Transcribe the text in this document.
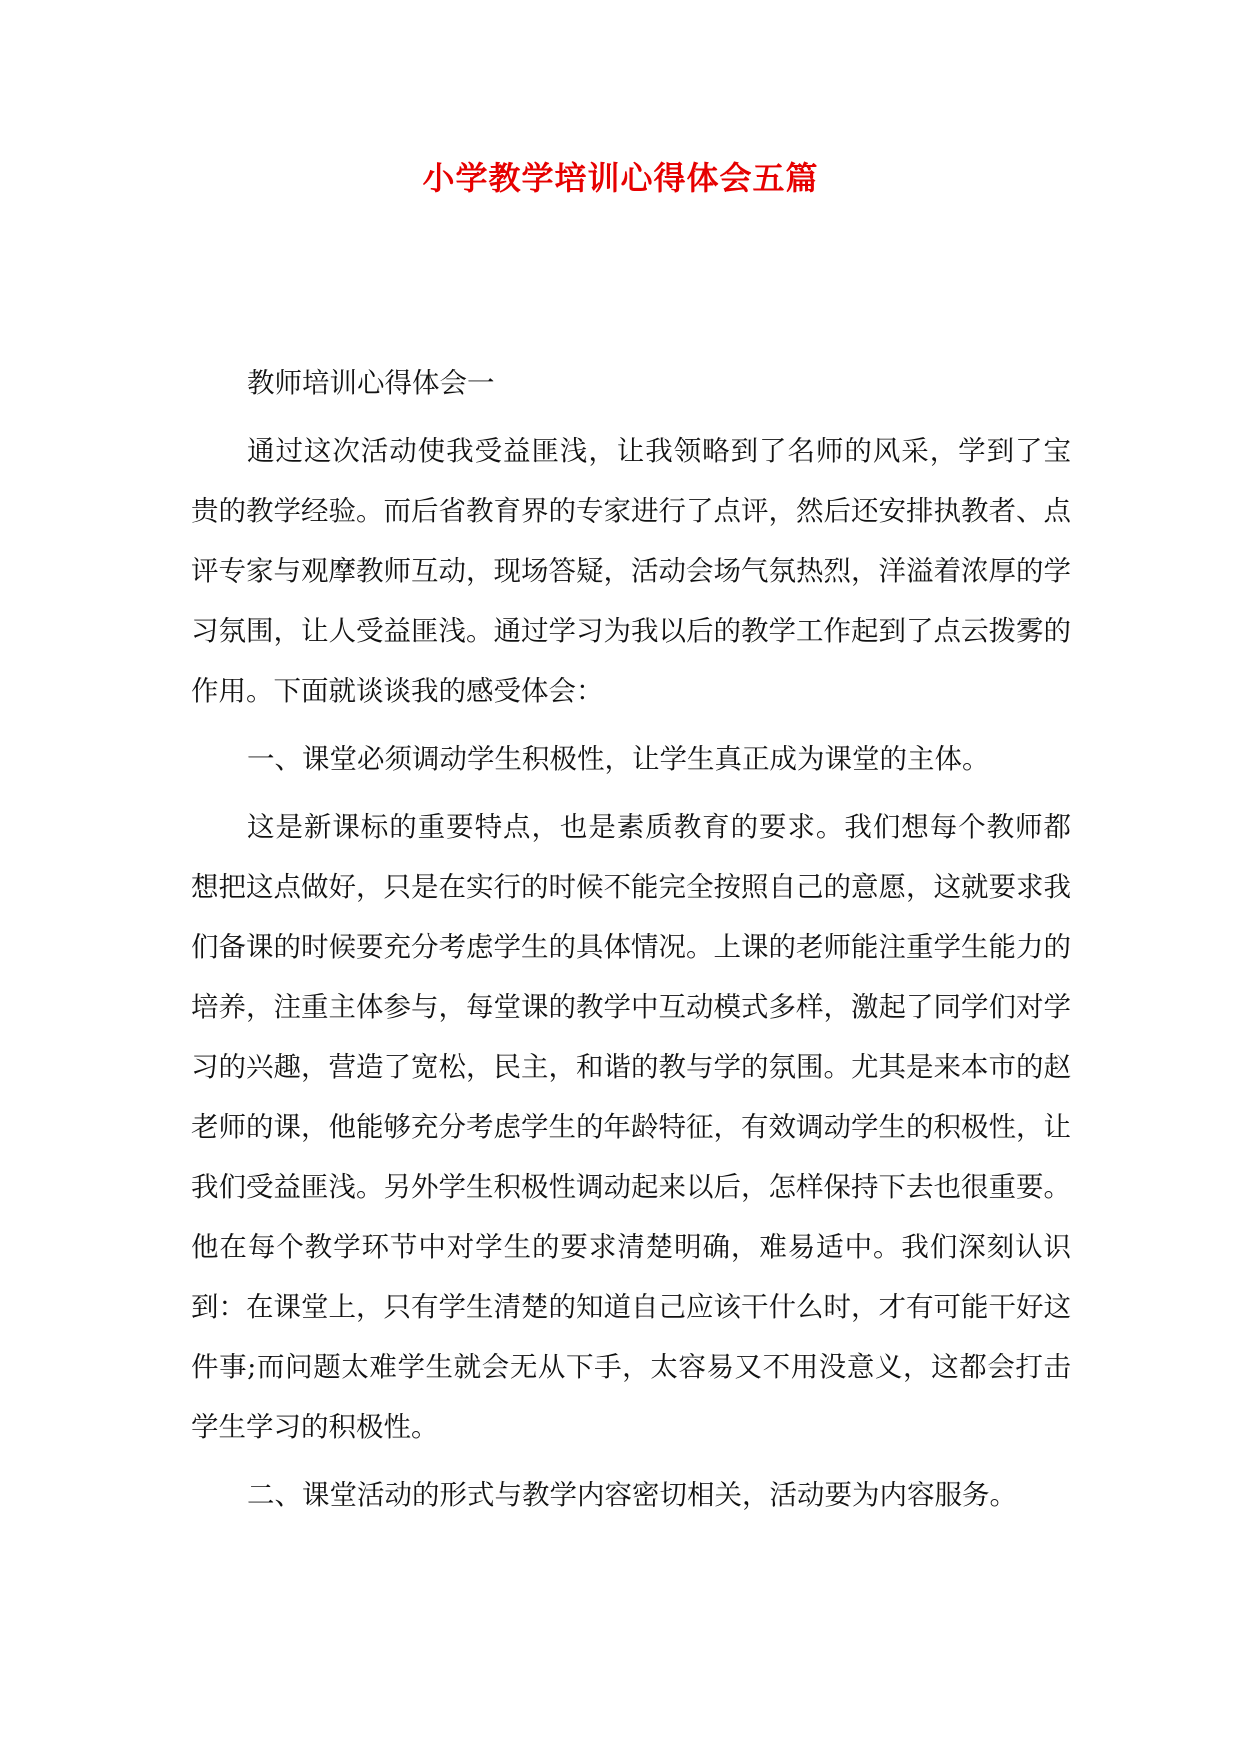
小学教学培训心得体会五篇

教师培训心得体会一

通过这次活动使我受益匪浅，让我领略到了名师的风采，学到了宝贵的教学经验。而后省教育界的专家进行了点评，然后还安排执教者、点评专家与观摩教师互动，现场答疑，活动会场气氛热烈，洋溢着浓厚的学习氛围，让人受益匪浅。通过学习为我以后的教学工作起到了点云拨雾的作用。下面就谈谈我的感受体会：

一、课堂必须调动学生积极性，让学生真正成为课堂的主体。

这是新课标的重要特点，也是素质教育的要求。我们想每个教师都想把这点做好，只是在实行的时候不能完全按照自己的意愿，这就要求我们备课的时候要充分考虑学生的具体情况。上课的老师能注重学生能力的培养，注重主体参与，每堂课的教学中互动模式多样，激起了同学们对学习的兴趣，营造了宽松，民主，和谐的教与学的氛围。尤其是来本市的赵老师的课，他能够充分考虑学生的年龄特征，有效调动学生的积极性，让我们受益匪浅。另外学生积极性调动起来以后，怎样保持下去也很重要。他在每个教学环节中对学生的要求清楚明确，难易适中。我们深刻认识到：在课堂上，只有学生清楚的知道自己应该干什么时，才有可能干好这件事;而问题太难学生就会无从下手，太容易又不用没意义，这都会打击学生学习的积极性。

二、课堂活动的形式与教学内容密切相关，活动要为内容服务。
